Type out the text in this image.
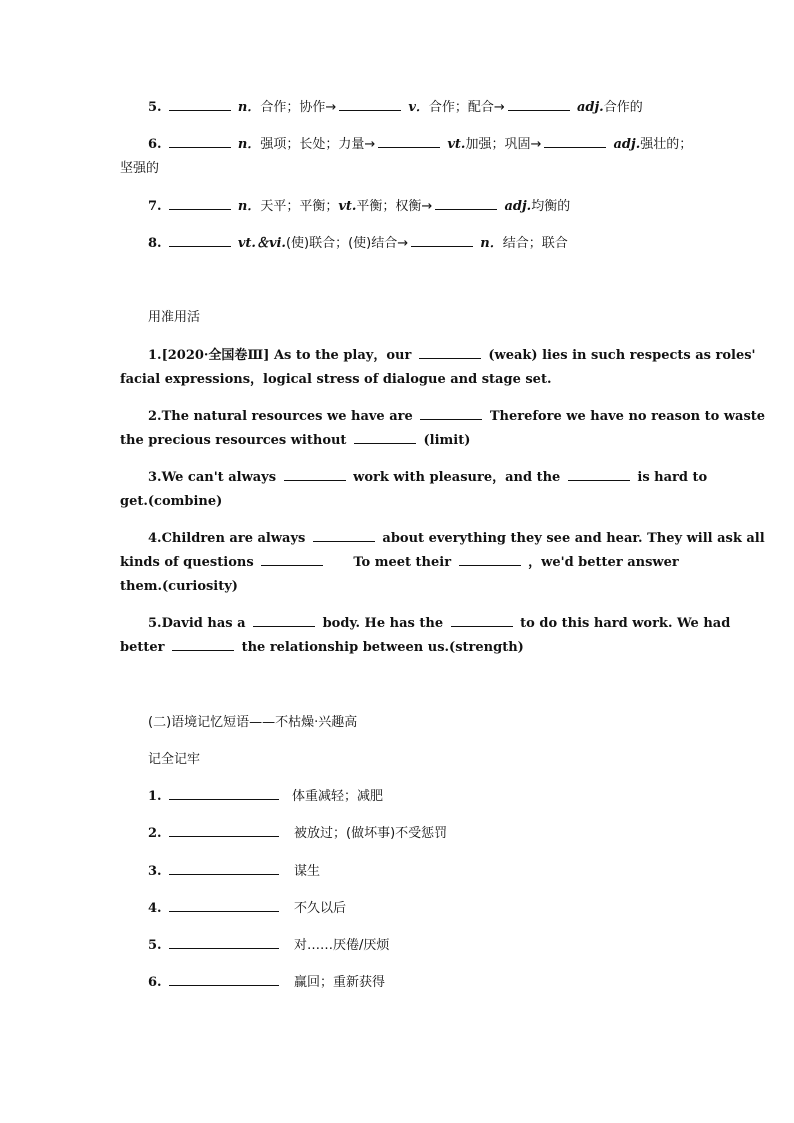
5.	n．合作；协作→	v．合作；配合→	adj.合作的
6.	n．强项；长处；力量→	vt.加强；巩固→	adj.强壮的；
坚强的
7.	n．天平；平衡；vt.平衡；权衡→	adj.均衡的
8.	vt.＆vi.(使)联合；(使)结合→	n．结合；联合
用准用活
1.[2020·全国卷Ⅲ] As to the play，our	(weak) lies in such respects as roles'
facial expressions，logical stress of dialogue and stage set.
2.The natural resources we have are	Therefore we have no reason to waste
the precious resources without	(limit)
3.We can't always	work with pleasure，and the	is hard to
get.(combine)
4.Children are always	about everything they see and hear. They will ask all
kinds of questions	To meet their	，we'd better answer
them.(curiosity)
5.David has a	body. He has the	to do this hard work. We had
better	the relationship between us.(strength)
(二)语境记忆短语——不枯燥·兴趣高
记全记牢
1.	体重减轻；减肥
2.	被放过；(做坏事)不受惩罚
3.	谋生
4.	不久以后
5.	对……厌倦/厌烦
6.	赢回；重新获得
